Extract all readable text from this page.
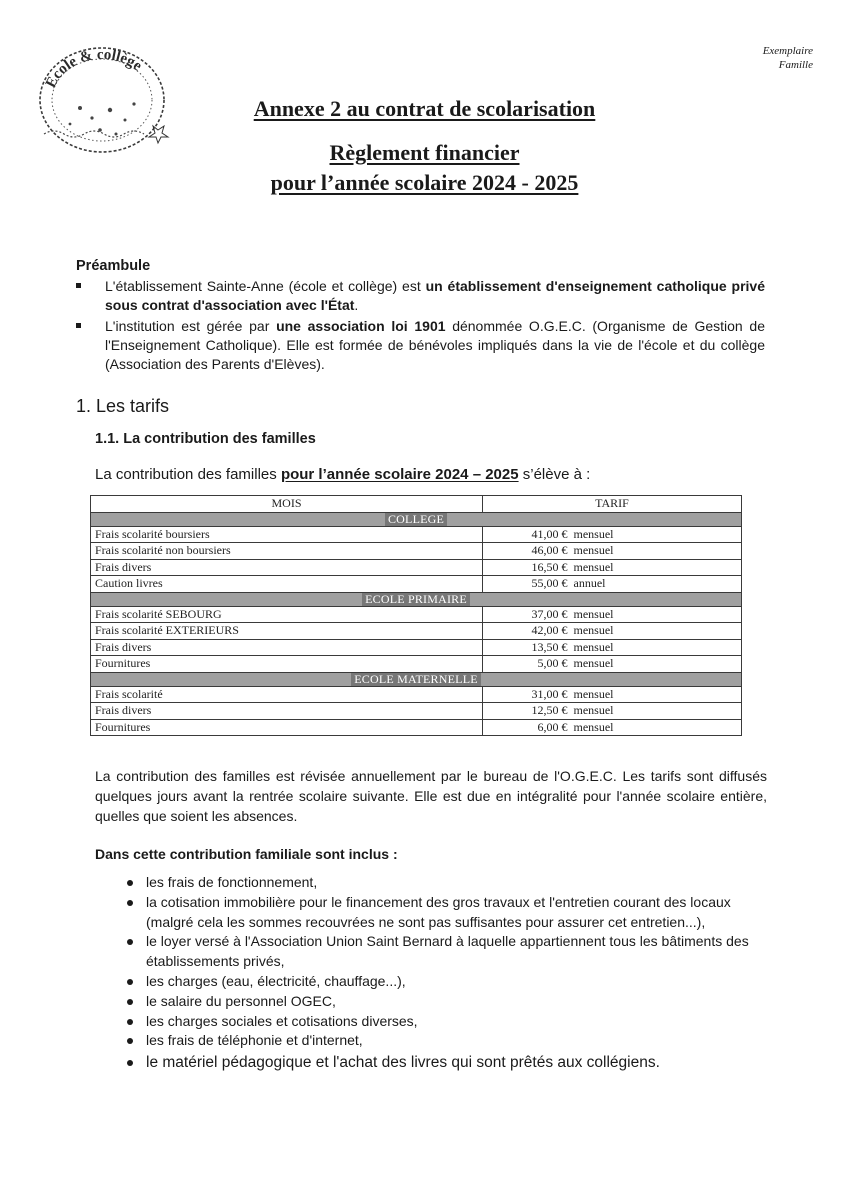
Ecole & collège
Exemplaire
Famille
Annexe 2 au contrat de scolarisation
Règlement financier
pour l’année scolaire 2024 - 2025
Préambule
L'établissement Sainte-Anne (école et collège) est un établissement d'enseignement catholique privé sous contrat d'association avec l'État.
L'institution est gérée par une association loi 1901 dénommée O.G.E.C. (Organisme de Gestion de l'Enseignement Catholique). Elle est formée de bénévoles impliqués dans la vie de l'école et du collège (Association des Parents d'Elèves).
1. Les tarifs
1.1. La contribution des familles
La contribution des familles pour l’année scolaire 2024 – 2025 s’élève à :
MOIS	TARIF	
COLLEGE		
Frais scolarité boursiers	41,00 €	mensuel
Frais scolarité non boursiers	46,00 €	mensuel
Frais divers	16,50 €	mensuel
Caution livres	55,00 €	annuel
ECOLE PRIMAIRE		
Frais scolarité SEBOURG	37,00 €	mensuel
Frais scolarité EXTERIEURS	42,00 €	mensuel
Frais divers	13,50 €	mensuel
Fournitures	5,00 €	mensuel
ECOLE MATERNELLE		
Frais scolarité	31,00 €	mensuel
Frais divers	12,50 €	mensuel
Fournitures	6,00 €	mensuel
La contribution des familles est révisée annuellement par le bureau de l'O.G.E.C. Les tarifs sont diffusés quelques jours avant la rentrée scolaire suivante. Elle est due en intégralité pour l'année scolaire entière, quelles que soient les absences.
Dans cette contribution familiale sont inclus :
les frais de fonctionnement,
la cotisation immobilière pour le financement des gros travaux et l'entretien courant des locaux (malgré cela les sommes recouvrées ne sont pas suffisantes pour assurer cet entretien...),
le loyer versé à l'Association Union Saint Bernard à laquelle appartiennent tous les bâtiments des établissements privés,
les charges (eau, électricité, chauffage...),
le salaire du personnel OGEC,
les charges sociales et cotisations diverses,
les frais de téléphonie et d'internet,
le matériel pédagogique et l'achat des livres qui sont prêtés aux collégiens.
